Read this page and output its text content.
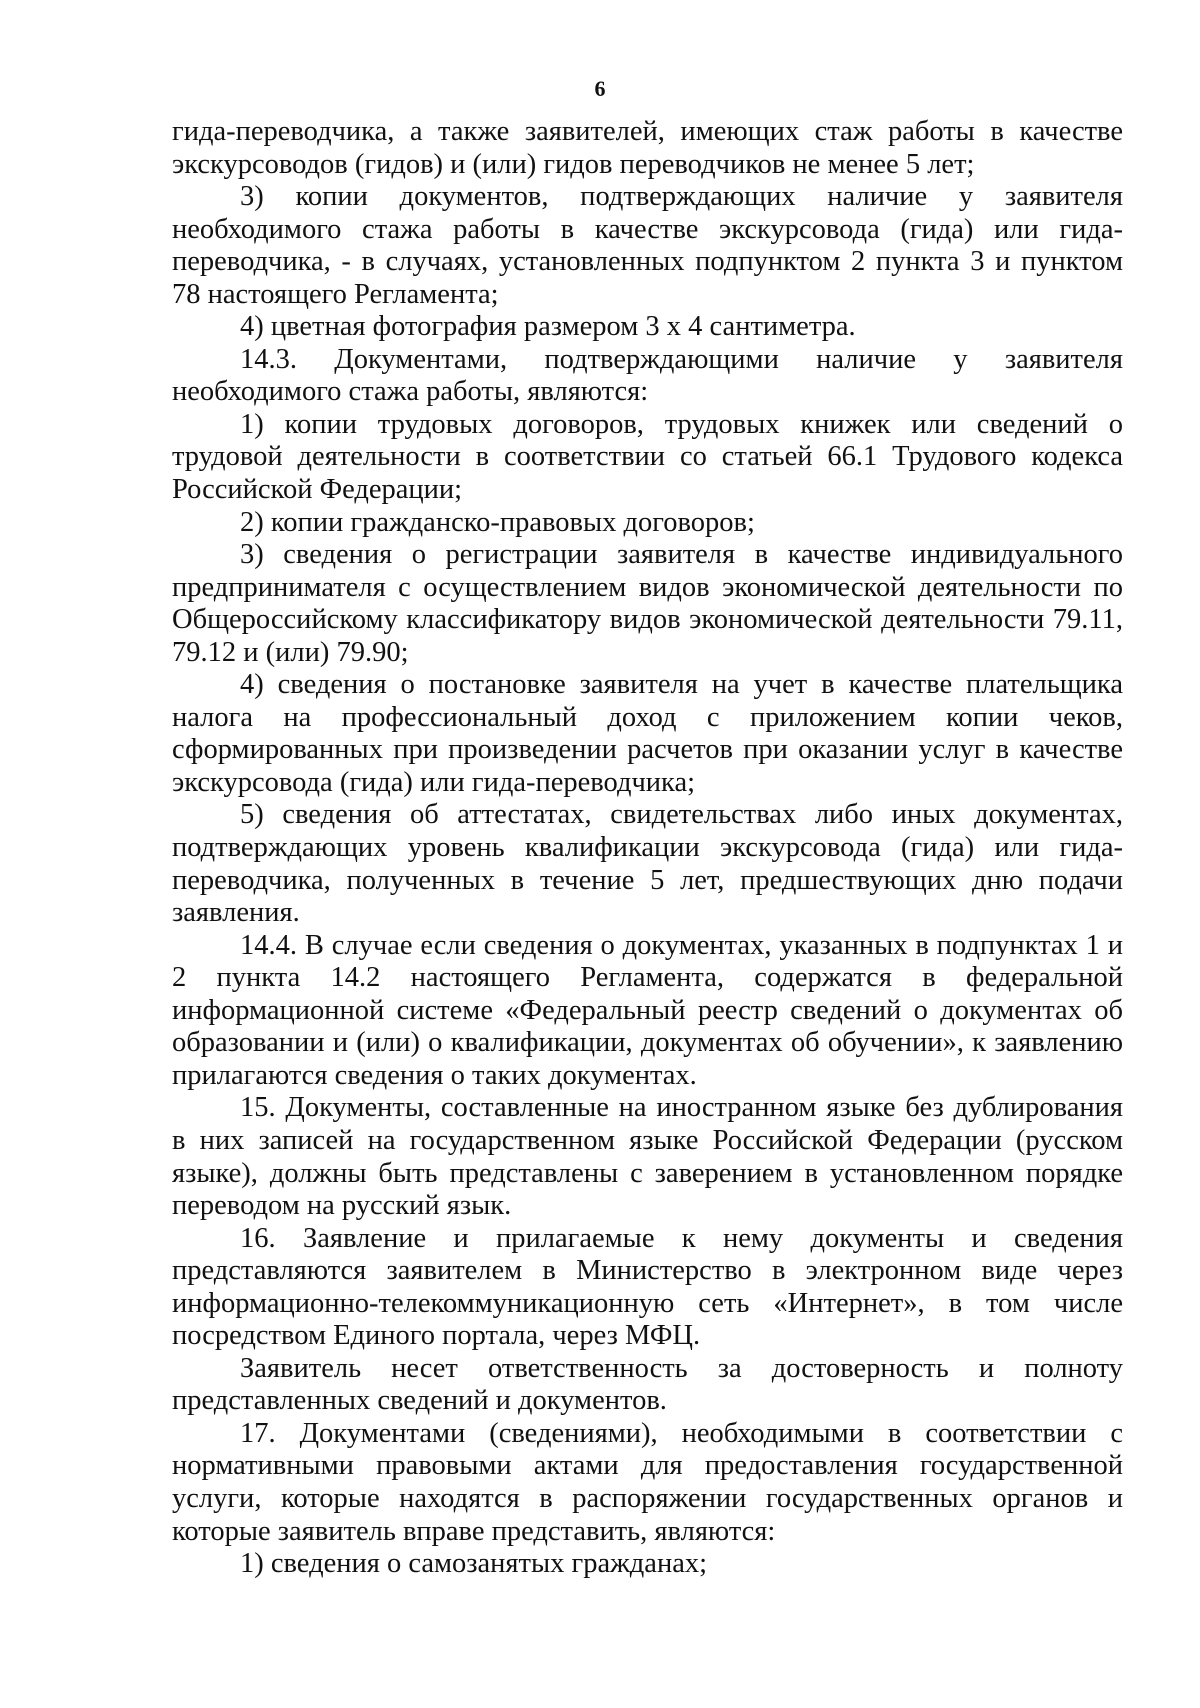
6

гида-переводчика, а также заявителей, имеющих стаж работы в качестве экскурсоводов (гидов) и (или) гидов переводчиков не менее 5 лет;

3) копии документов, подтверждающих наличие у заявителя необходимого стажа работы в качестве экскурсовода (гида) или гида-переводчика, - в случаях, установленных подпунктом 2 пункта 3 и пунктом 78 настоящего Регламента;

4) цветная фотография размером 3 х 4 сантиметра.

14.3. Документами, подтверждающими наличие у заявителя необходимого стажа работы, являются:

1) копии трудовых договоров, трудовых книжек или сведений о трудовой деятельности в соответствии со статьей 66.1 Трудового кодекса Российской Федерации;

2) копии гражданско-правовых договоров;

3) сведения о регистрации заявителя в качестве индивидуального предпринимателя с осуществлением видов экономической деятельности по Общероссийскому классификатору видов экономической деятельности 79.11, 79.12 и (или) 79.90;

4) сведения о постановке заявителя на учет в качестве плательщика налога на профессиональный доход с приложением копии чеков, сформированных при произведении расчетов при оказании услуг в качестве экскурсовода (гида) или гида-переводчика;

5) сведения об аттестатах, свидетельствах либо иных документах, подтверждающих уровень квалификации экскурсовода (гида) или гида-переводчика, полученных в течение 5 лет, предшествующих дню подачи заявления.

14.4. В случае если сведения о документах, указанных в подпунктах 1 и 2 пункта 14.2 настоящего Регламента, содержатся в федеральной информационной системе «Федеральный реестр сведений о документах об образовании и (или) о квалификации, документах об обучении», к заявлению прилагаются сведения о таких документах.

15. Документы, составленные на иностранном языке без дублирования в них записей на государственном языке Российской Федерации (русском языке), должны быть представлены с заверением в установленном порядке переводом на русский язык.

16. Заявление и прилагаемые к нему документы и сведения представляются заявителем в Министерство в электронном виде через информационно-телекоммуникационную сеть «Интернет», в том числе посредством Единого портала, через МФЦ.

Заявитель несет ответственность за достоверность и полноту представленных сведений и документов.

17. Документами (сведениями), необходимыми в соответствии с нормативными правовыми актами для предоставления государственной услуги, которые находятся в распоряжении государственных органов и которые заявитель вправе представить, являются:

1) сведения о самозанятых гражданах;
